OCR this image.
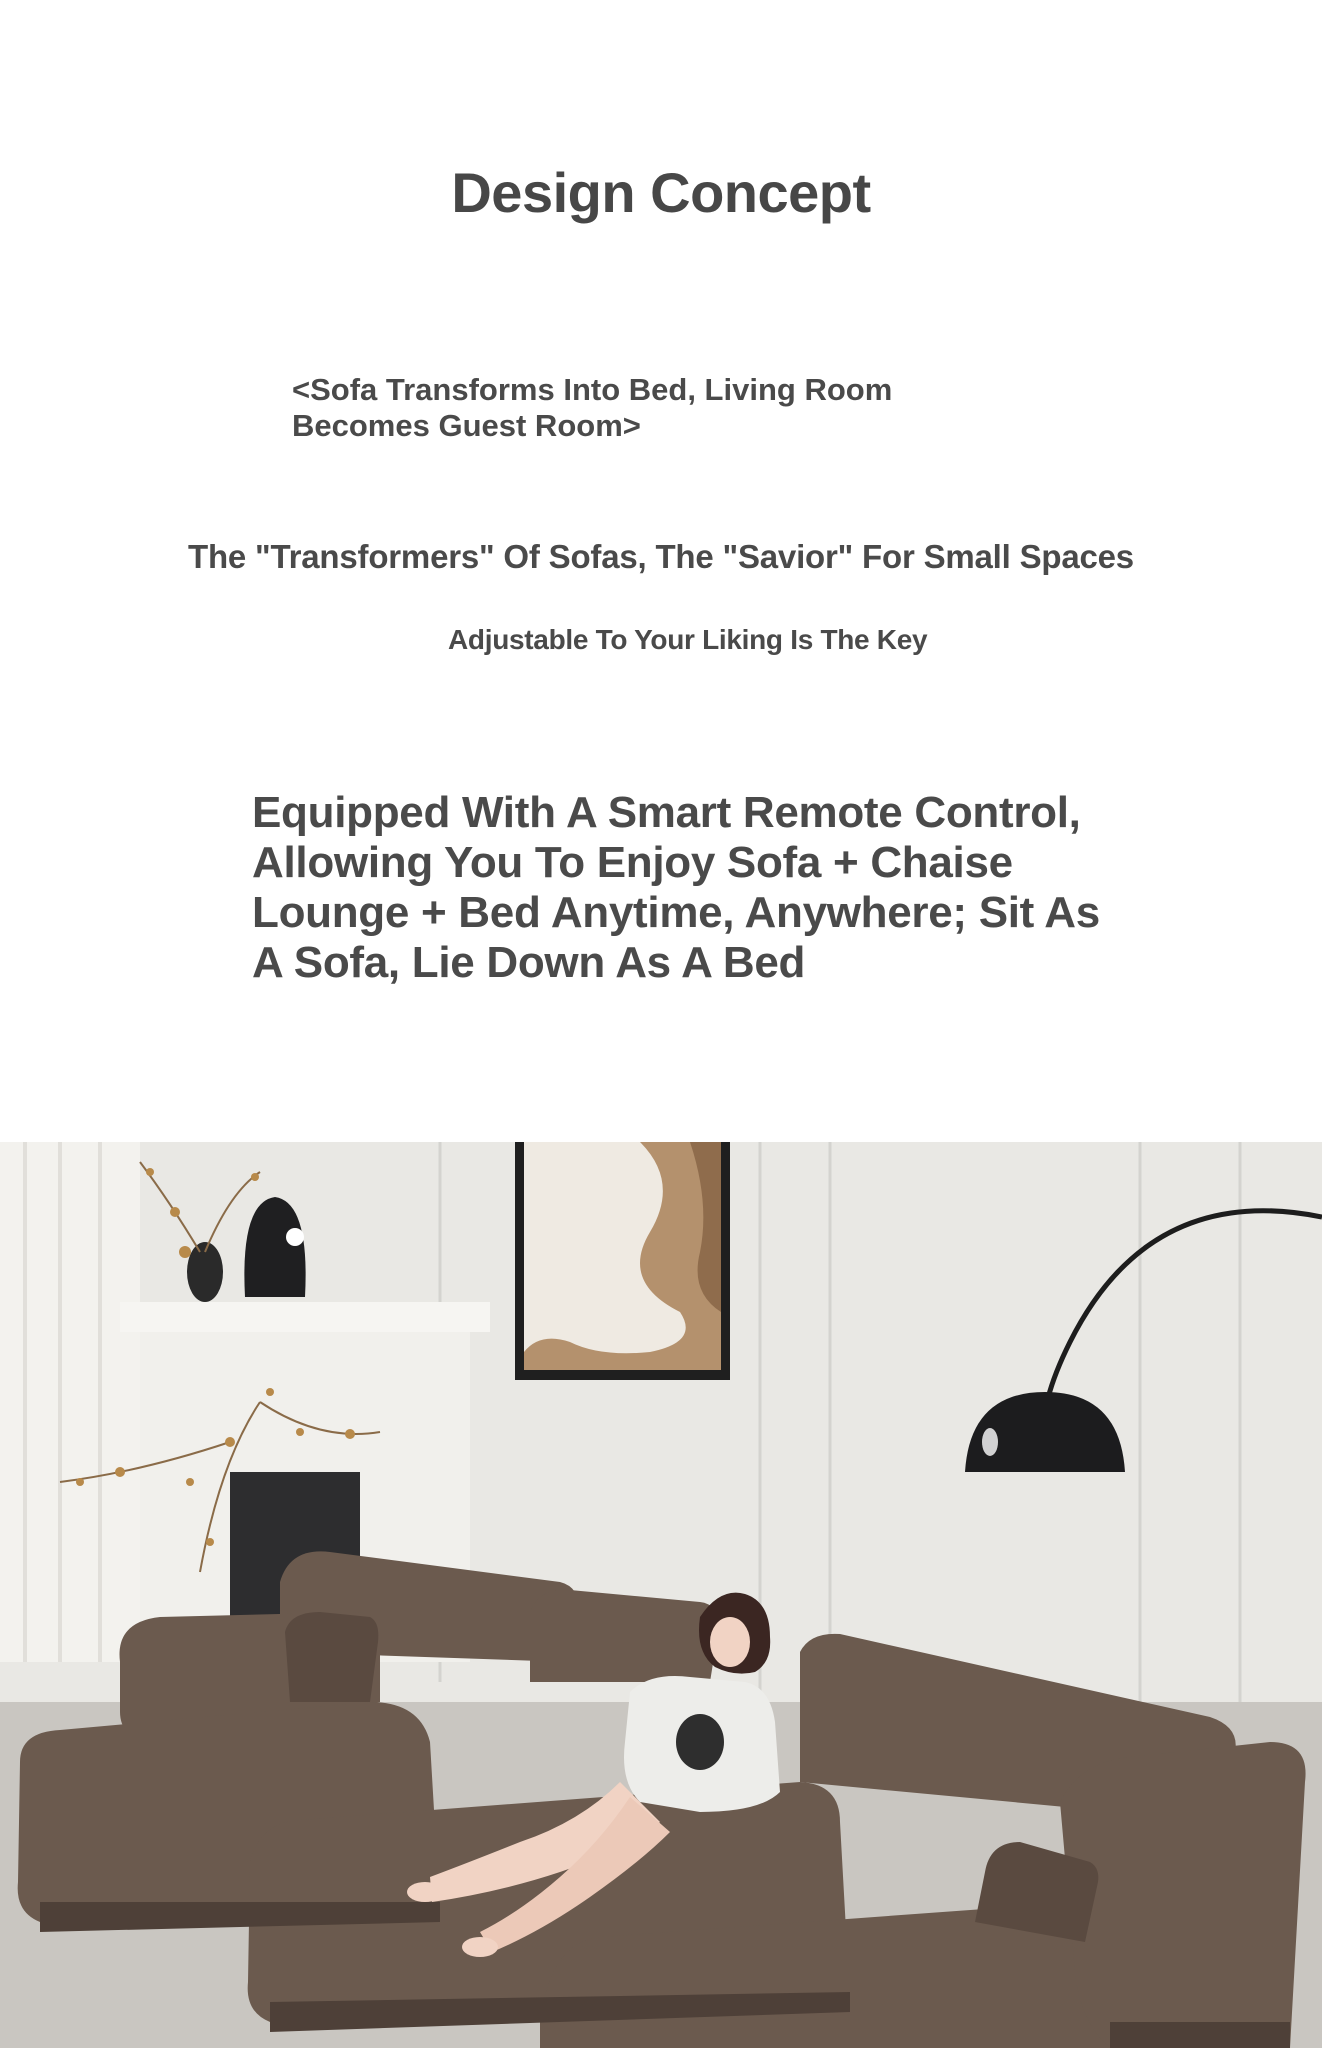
Design Concept
<Sofa Transforms Into Bed, Living Room
Becomes Guest Room>
The "Transformers" Of Sofas, The "Savior" For Small Spaces
Adjustable To Your Liking Is The Key
Equipped With A Smart Remote Control,
Allowing You To Enjoy Sofa + Chaise
Lounge + Bed Anytime, Anywhere; Sit As
A Sofa, Lie Down As A Bed
